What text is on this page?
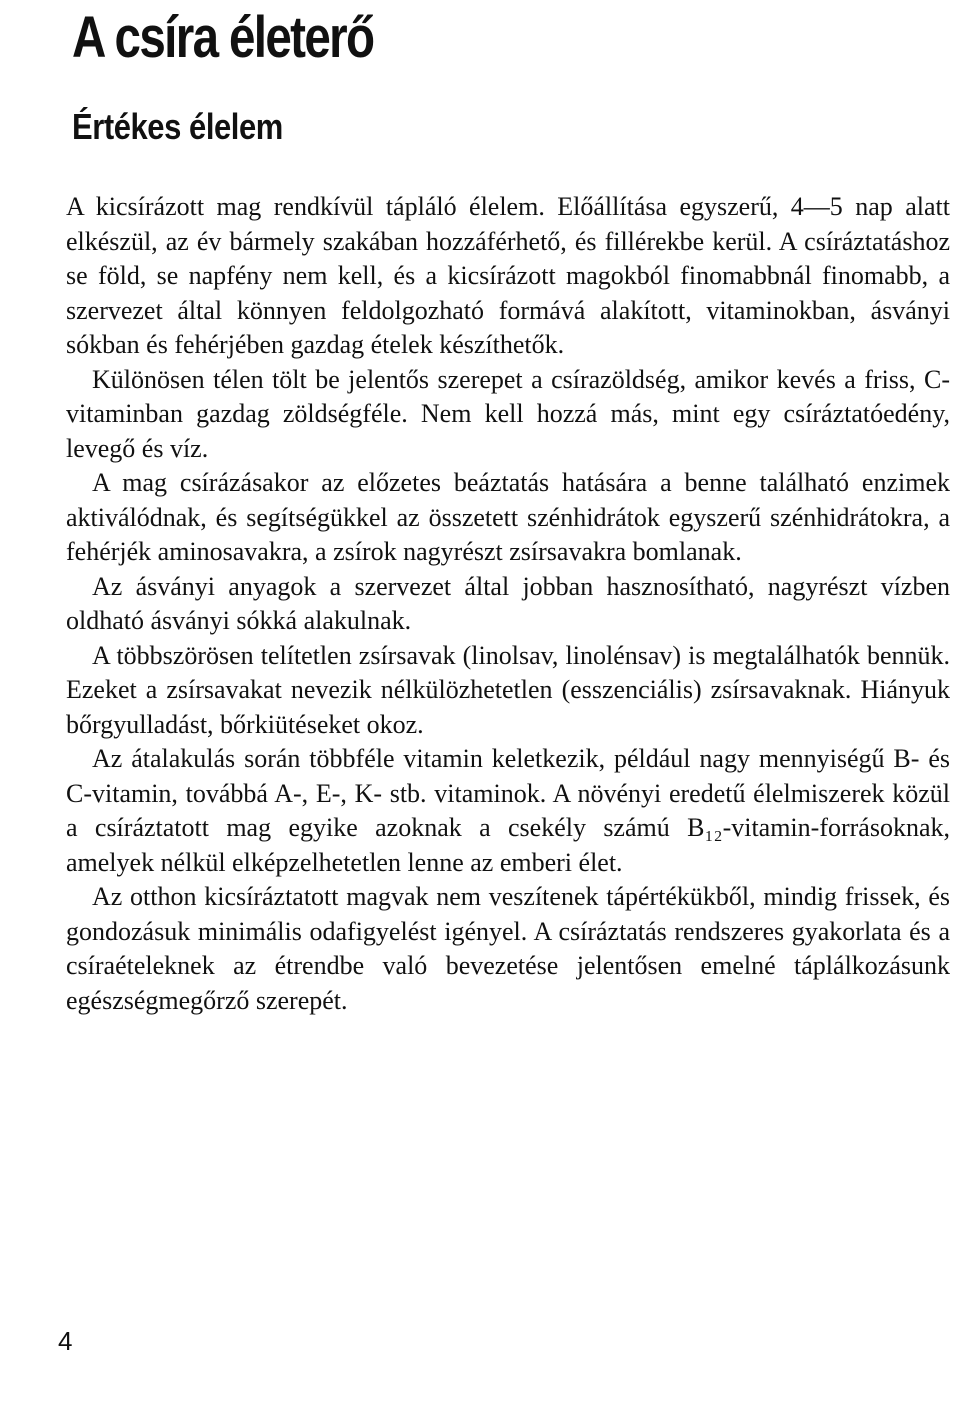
A csíra életerő
Értékes élelem

A kicsírázott mag rendkívül tápláló élelem. Előállítása egyszerű, 4—5 nap alatt elkészül, az év bármely szakában hozzáférhető, és fillérekbe kerül. A csíráztatáshoz se föld, se napfény nem kell, és a kicsírázott magokból finomabbnál finomabb, a szervezet által könnyen feldolgozható formává alakított, vitaminokban, ásványi sókban és fehérjében gazdag ételek készíthetők.

Különösen télen tölt be jelentős szerepet a csírazöldség, amikor kevés a friss, C-vitaminban gazdag zöldségféle. Nem kell hozzá más, mint egy csíráztatóedény, levegő és víz.

A mag csírázásakor az előzetes beáztatás hatására a benne található enzimek aktiválódnak, és segítségükkel az összetett szénhidrátok egyszerű szénhidrátokra, a fehérjék aminosavakra, a zsírok nagyrészt zsírsavakra bomlanak.

Az ásványi anyagok a szervezet által jobban hasznosítható, nagyrészt vízben oldható ásványi sókká alakulnak.

A többszörösen telítetlen zsírsavak (linolsav, linolénsav) is megtalálhatók bennük. Ezeket a zsírsavakat nevezik nélkülözhetetlen (esszenciális) zsírsavaknak. Hiányuk bőrgyulladást, bőrkiütéseket okoz.

Az átalakulás során többféle vitamin keletkezik, például nagy mennyiségű B- és C-vitamin, továbbá A-, E-, K- stb. vitaminok. A növényi eredetű élelmiszerek közül a csíráztatott mag egyike azoknak a csekély számú B₁₂-vitamin-forrásoknak, amelyek nélkül elképzelhetetlen lenne az emberi élet.

Az otthon kicsíráztatott magvak nem veszítenek tápértékükből, mindig frissek, és gondozásuk minimális odafigyelést igényel. A csíráztatás rendszeres gyakorlata és a csíraételeknek az étrendbe való bevezetése jelentősen emelné táplálkozásunk egészségmegőrző szerepét.

4
